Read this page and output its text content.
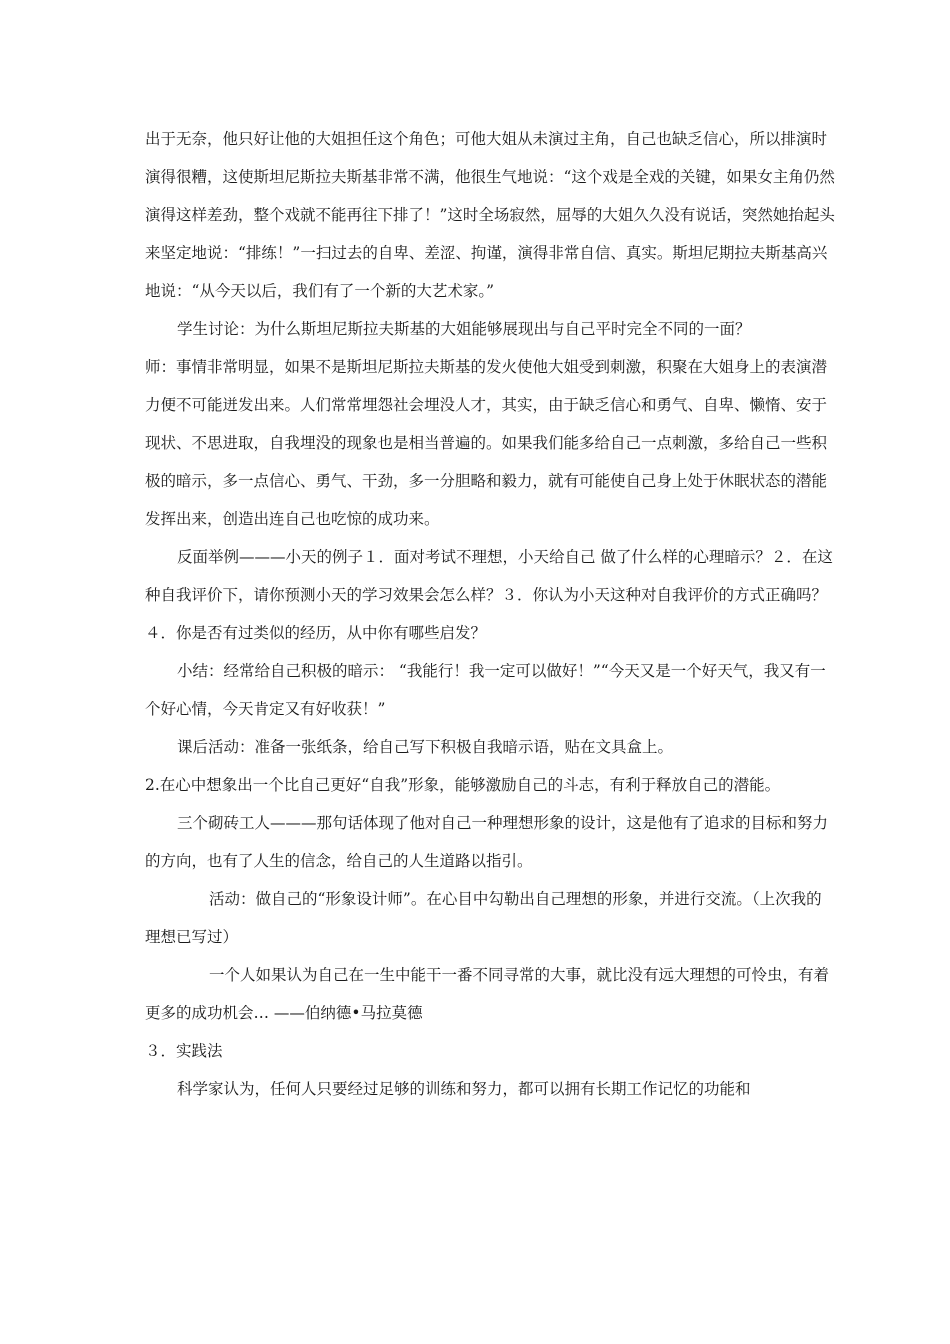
出于无奈，他只好让他的大姐担任这个角色；可他大姐从未演过主角，自己也缺乏信心，所以排演时演得很糟，这使斯坦尼斯拉夫斯基非常不满，他很生气地说：“这个戏是全戏的关键，如果女主角仍然演得这样差劲，整个戏就不能再往下排了！”这时全场寂然，屈辱的大姐久久没有说话，突然她抬起头来坚定地说：“排练！”一扫过去的自卑、差涩、拘谨，演得非常自信、真实。斯坦尼期拉夫斯基高兴地说：“从今天以后，我们有了一个新的大艺术家。”

学生讨论：为什么斯坦尼斯拉夫斯基的大姐能够展现出与自己平时完全不同的一面？

师：事情非常明显，如果不是斯坦尼斯拉夫斯基的发火使他大姐受到刺激，积聚在大姐身上的表演潜力便不可能迸发出来。人们常常埋怨社会埋没人才，其实，由于缺乏信心和勇气、自卑、懒惰、安于现状、不思进取，自我埋没的现象也是相当普遍的。如果我们能多给自己一点刺激，多给自己一些积极的暗示，多一点信心、勇气、干劲，多一分胆略和毅力，就有可能使自己身上处于休眠状态的潜能发挥出来，创造出连自己也吃惊的成功来。

反面举例———小天的例子１．面对考试不理想，小天给自己 做了什么样的心理暗示？２．在这种自我评价下，请你预测小天的学习效果会怎么样？３．你认为小天这种对自我评价的方式正确吗？４．你是否有过类似的经历，从中你有哪些启发？

小结：经常给自己积极的暗示： “我能行！我一定可以做好！”“今天又是一个好天气，我又有一个好心情，今天肯定又有好收获！”

课后活动：准备一张纸条，给自己写下积极自我暗示语，贴在文具盒上。

2.在心中想象出一个比自己更好“自我”形象，能够激励自己的斗志，有利于释放自己的潜能。

三个砌砖工人———那句话体现了他对自己一种理想形象的设计，这是他有了追求的目标和努力的方向，也有了人生的信念，给自己的人生道路以指引。

活动：做自己的“形象设计师”。在心目中勾勒出自己理想的形象，并进行交流。（上次我的理想已写过）

一个人如果认为自己在一生中能干一番不同寻常的大事，就比没有远大理想的可怜虫，有着更多的成功机会… ——伯纳德•马拉莫德

３．实践法

科学家认为，任何人只要经过足够的训练和努力，都可以拥有长期工作记忆的功能和
